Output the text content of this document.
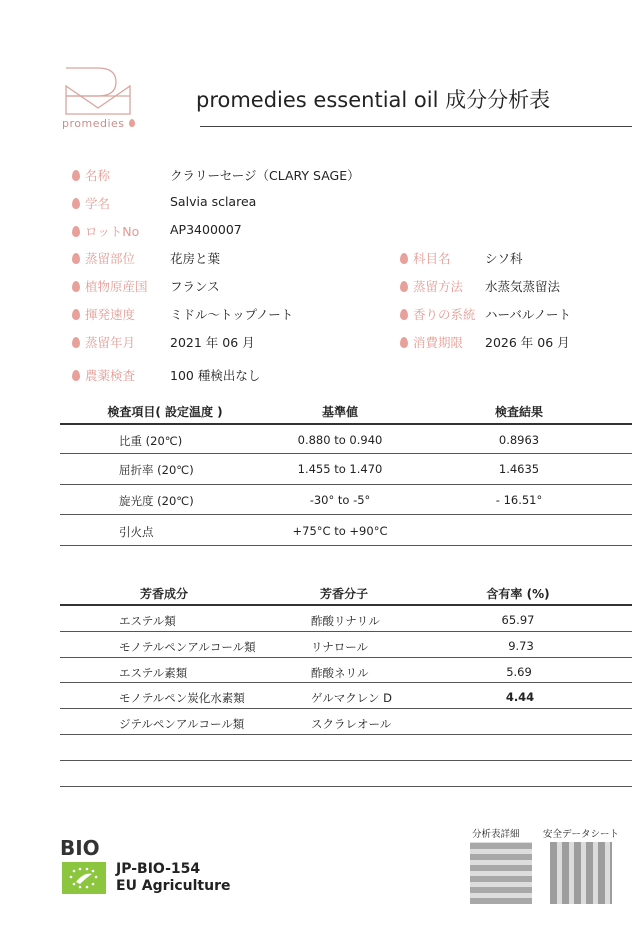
promedies
promedies essential oil 成分分析表
名称	クラリーセージ（CLARY SAGE）
学名	Salvia sclarea
ロットNo AP3400007
蒸留部位	花房と葉
植物原産国 フランス
揮発速度	ミドル〜トップノート
蒸留年月	2021 年 06 月
農薬検査	100 種検出なし
科目名	シソ科
蒸留方法 水蒸気蒸留法
香りの系統 ハーバルノート
消費期限 2026 年 06 月
検査項目( 設定温度 )	基準値	検査結果
比重 (20℃)	0.880 to 0.940	0.8963
屈折率 (20℃)	1.455 to 1.470	1.4635
旋光度 (20℃)	-30° to -5°	- 16.51°
引火点	+75°C to +90°C
芳香成分	芳香分子	含有率 (%)
エステル類	酢酸リナリル	65.97
モノテルペンアルコール類	リナロール	9.73
エステル素類	酢酸ネリル	5.69
モノテルペン炭化水素類	ゲルマクレン D	4.44
ジテルペンアルコール類	スクラレオール
BIO
JP-BIO-154
EU Agriculture
分析表詳細 安全データシート
